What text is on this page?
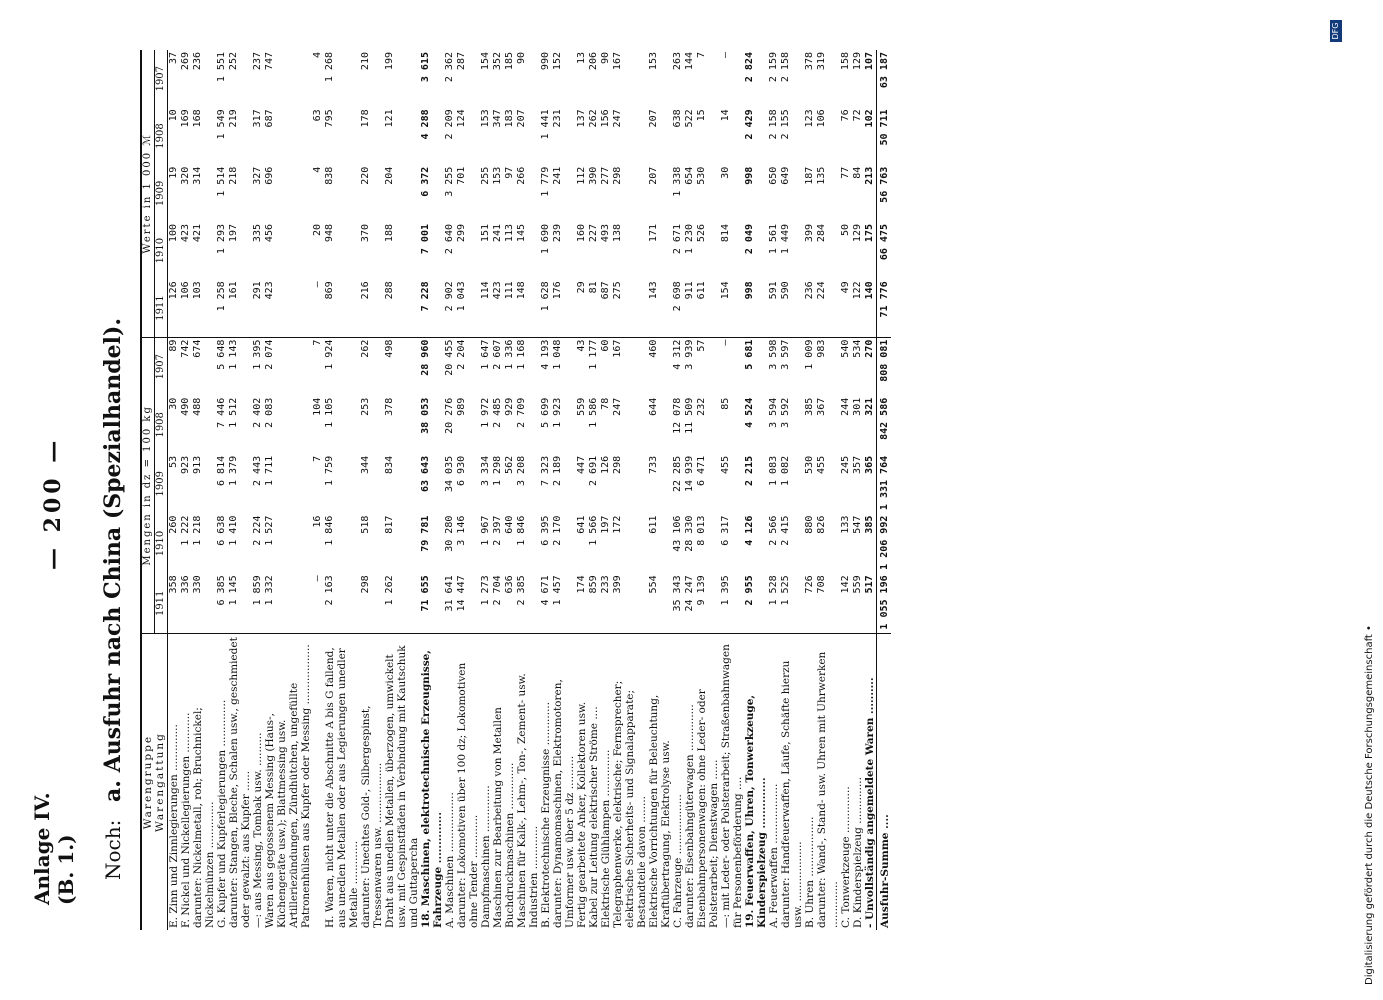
Anlage IV. (B. 1.)
— 200 —
Noch: a. Ausfuhr nach China (Spezialhandel). Warengruppe Warengattung	Mengen in dz = 100 kg					Werte in 1 000 ℳ				
	1911	1910	1909	1908	1907	1911	1910	1909	1908	1907
E. Zinn und Zinnlegierungen ..............	358	260	53	30	89	126	100	19	10	37
F. Nickel und Nickellegierungen ............	336	1 222	923	490	742	106	423	320	169	269
darunter: Nickelmetall, roh; Bruchnickel; Nickelmünzen ..............	330	1 218	913	488	674	103	421	314	168	236
G. Kupfer und Kupferlegierungen ..............	6 385	6 638	6 814	7 446	5 648	1 258	1 293	1 514	1 549	1 551
darunter: Stangen, Bleche, Schalen usw., geschmiedet oder gewalzt: aus Kupfer ......	1 145	1 410	1 379	1 512	1 143	161	197	218	219	252
—: aus Messing, Tombak usw. ..........	1 859	2 224	2 443	2 402	1 395	291	335	327	317	237
Waren aus gegossenem Messing (Haus-, Küchengeräte usw.); Blattmessing usw. Artilleriezündungen, Zündhütchen, ungefüllte Patronenhülsen aus Kupfer oder Messing ..................	1 332	1 527	1 711	2 083	2 074	423	456	696	687	747
	—	16	7	104	7	—	20	4	63	4
H. Waren, nicht unter die Abschnitte A bis G fallend, aus unedlen Metallen oder aus Legierungen unedler Metalle .............	2 163	1 846	1 759	1 105	1 924	869	948	838	795	1 268
darunter: Unechtes Gold-, Silbergespinst, Tressenwaren usw. ..................	298	518	344	253	262	216	370	220	178	210
Draht aus unedlen Metallen, überzogen, umwickelt usw. mit Gespinstfäden in Verbindung mit Kautschuk und Guttapercha	1 262	817	834	378	498	288	188	204	121	199
18. Maschinen, elektrotechnische Erzeugnisse, Fahrzeuge ..............	71 655	79 781	63 643	38 053	28 960	7 228	7 001	6 372	4 288	3 615
A. Maschinen ..................	31 641	30 280	34 035	20 276	20 455	2 902	2 640	3 255	2 209	2 362
darunter: Lokomotiven über 100 dz; Lokomotiven ohne Tender .............	14 447	3 146	6 930	989	2 204	1 043	299	701	124	287
Dampfmaschinen ..............	1 273	1 967	3 334	1 972	1 647	114	151	255	153	154
Maschinen zur Bearbeitung von Metallen	2 704	2 397	1 298	2 485	2 607	423	241	153	347	352
Buchdruckmaschinen ..............	636	640	562	929	1 336	111	113	97	183	185
Maschinen für Kalk-, Lehm-, Ton-, Zement- usw. Industrien .............	2 385	1 846	3 208	2 709	1 168	148	145	266	207	90
B. Elektrotechnische Erzeugnisse .............	4 671	6 395	7 323	5 699	4 193	1 628	1 690	1 779	1 441	990
darunter: Dynamomaschinen, Elektromotoren, Umformer usw. über 5 dz ..........	1 457	2 170	2 189	1 923	1 048	176	239	241	231	152
Fertig gearbeitete Anker, Kollektoren usw.	174	641	447	559	43	29	160	112	137	13
Kabel zur Leitung elektrischer Ströme ....	859	1 566	2 691	1 586	1 177	81	227	390	262	206
Elektrische Glühlampen ..............	233	197	126	78	60	687	493	277	156	90
Telegraphenwerke, elektrische; Fernsprecher; elektrische Sicherheits- und Signalapparate; Bestandteile davon ........	399	172	298	247	167	275	138	298	247	167
Elektrische Vorrichtungen für Beleuchtung, Kraftübertragung, Elektrolyse usw.	554	611	733	644	460	143	171	207	207	153
C. Fahrzeuge ..................	35 343	43 106	22 285	12 078	4 312	2 698	2 671	1 338	638	263
darunter: Eisenbahngüterwagen ..............	24 247	28 330	14 939	11 509	3 939	911	1 230	654	522	144
Eisenbahnpersonenwagen: ohne Leder- oder Polsterarbeit; Dienstwagen ......	9 139	8 013	6 471	232	57	611	526	530	15	7
—: mit Leder- oder Polsterarbeit; Straßenbahnwagen für Personenbeförderung ....	1 395	6 317	455	85	—	154	814	30	14	—
19. Feuerwaffen, Uhren, Tonwerkzeuge, Kinderspielzeug ..............	2 955	4 126	2 215	4 524	5 681	998	2 049	998	2 429	2 824
A. Feuerwaffen ..................	1 528	2 566	1 083	3 594	3 598	591	1 561	650	2 158	2 159
darunter: Handfeuerwaffen, Läufe, Schäfte hierzu usw. ..................	1 525	2 415	1 082	3 592	3 597	590	1 449	649	2 155	2 158
B. Uhren ..................	726	880	530	385	1 009	236	399	187	123	378
darunter: Wand-, Stand- usw. Uhren mit Uhrwerken ..............	708	826	455	367	983	224	284	135	106	319
C. Tonwerkzeuge ..............	142	133	245	244	540	49	50	77	76	158
D. Kinderspielzeug ..............	559	547	357	301	534	122	129	84	72	129
- Unvollständig angemeldete Waren ..........	517	385	365	321	270	140	175	213	102	107
Ausfuhr-Summe ....	1 055 196	1 206 992	1 331 764	842 586	808 081	71 776	66 475	56 763	50 711	63 187
DFG
Digitalisierung gefördert durch die Deutsche Forschungsgemeinschaft •
